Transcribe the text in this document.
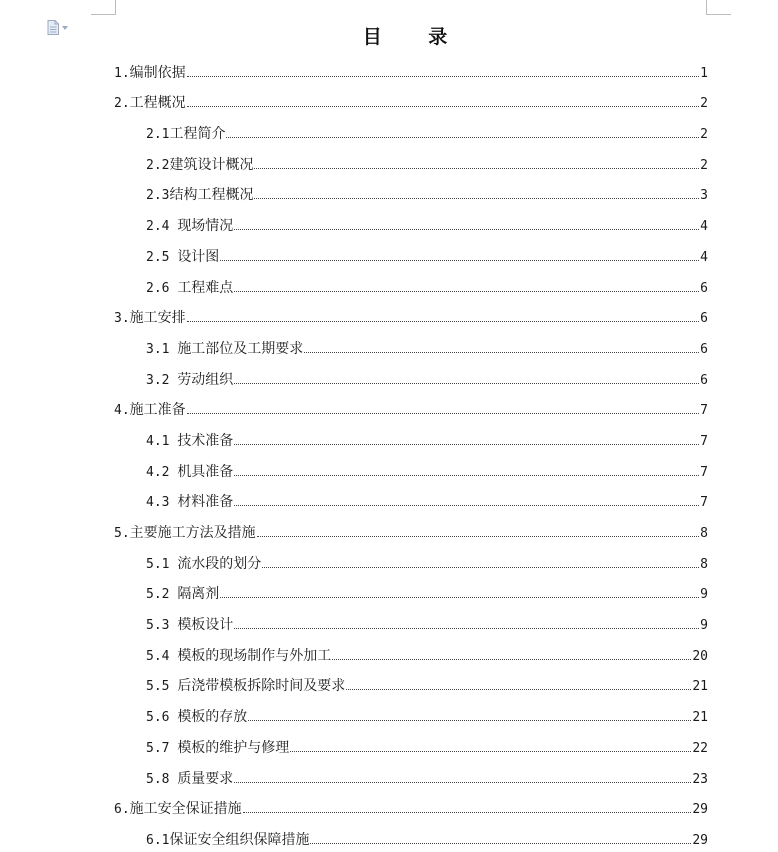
目 录
1. 编制依据	1
2. 工程概况	2
2.1 工程简介	2
2.2 建筑设计概况	2
2.3 结构工程概况	3
2.4 现场情况	4
2.5 设计图	4
2.6 工程难点	6
3. 施工安排	6
3.1 施工部位及工期要求	6
3.2 劳动组织	6
4. 施工准备	7
4.1 技术准备	7
4.2 机具准备	7
4.3 材料准备	7
5. 主要施工方法及措施	8
5.1 流水段的划分	8
5.2 隔离剂	9
5.3 模板设计	9
5.4 模板的现场制作与外加工	20
5.5 后浇带模板拆除时间及要求	21
5.6 模板的存放	21
5.7 模板的维护与修理	22
5.8 质量要求	23
6. 施工安全保证措施	29
6.1 保证安全组织保障措施	29
